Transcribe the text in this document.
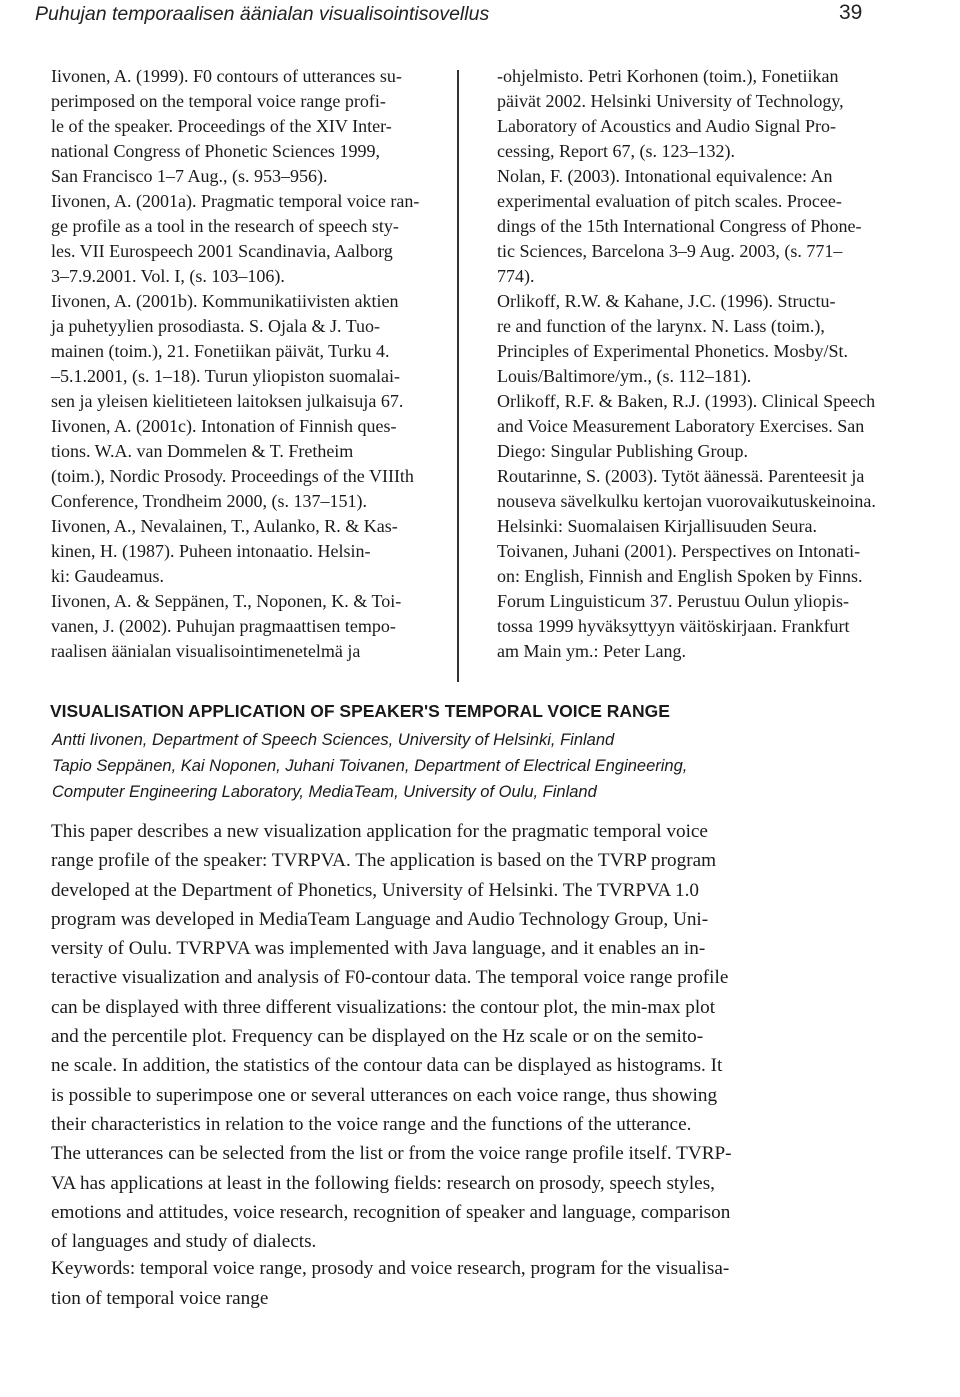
Puhujan temporaalisen äänialan visualisointisovellus	39
Iivonen, A. (1999). F0 contours of utterances su-
perimposed on the temporal voice range profi-
le of the speaker. Proceedings of the XIV Inter-
national Congress of Phonetic Sciences 1999,
San Francisco 1–7 Aug., (s. 953–956).
Iivonen, A. (2001a). Pragmatic temporal voice ran-
ge profile as a tool in the research of speech sty-
les. VII Eurospeech 2001 Scandinavia, Aalborg
3–7.9.2001. Vol. I, (s. 103–106).
Iivonen, A. (2001b). Kommunikatiivisten aktien
ja puhetyylien prosodiasta. S. Ojala & J. Tuo-
mainen (toim.), 21. Fonetiikan päivät, Turku 4.
–5.1.2001, (s. 1–18). Turun yliopiston suomalai-
sen ja yleisen kielitieteen laitoksen julkaisuja 67.
Iivonen, A. (2001c). Intonation of Finnish ques-
tions. W.A. van Dommelen & T. Fretheim
(toim.), Nordic Prosody. Proceedings of the VIIIth
Conference, Trondheim 2000, (s. 137–151).
Iivonen, A., Nevalainen, T., Aulanko, R. & Kas-
kinen, H. (1987). Puheen intonaatio. Helsin-
ki: Gaudeamus.
Iivonen, A. & Seppänen, T., Noponen, K. & Toi-
vanen, J. (2002). Puhujan pragmaattisen tempo-
raalisen äänialan visualisointimenetelmä ja
-ohjelmisto. Petri Korhonen (toim.), Fonetiikan
päivät 2002. Helsinki University of Technology,
Laboratory of Acoustics and Audio Signal Pro-
cessing, Report 67, (s. 123–132).
Nolan, F. (2003). Intonational equivalence: An
experimental evaluation of pitch scales. Procee-
dings of the 15th International Congress of Phone-
tic Sciences, Barcelona 3–9 Aug. 2003, (s. 771–
774).
Orlikoff, R.W. & Kahane, J.C. (1996). Structu-
re and function of the larynx. N. Lass (toim.),
Principles of Experimental Phonetics. Mosby/St.
Louis/Baltimore/ym., (s. 112–181).
Orlikoff, R.F. & Baken, R.J. (1993). Clinical Speech
and Voice Measurement Laboratory Exercises. San
Diego: Singular Publishing Group.
Routarinne, S. (2003). Tytöt äänessä. Parenteesit ja
nouseva sävelkulku kertojan vuorovaikutuskeinoina.
Helsinki: Suomalaisen Kirjallisuuden Seura.
Toivanen, Juhani (2001). Perspectives on Intonati-
on: English, Finnish and English Spoken by Finns.
Forum Linguisticum 37. Perustuu Oulun yliopis-
tossa 1999 hyväksyttyyn väitöskirjaan. Frankfurt
am Main ym.: Peter Lang.
VISUALISATION APPLICATION OF SPEAKER'S TEMPORAL VOICE RANGE
Antti Iivonen, Department of Speech Sciences, University of Helsinki, Finland
Tapio Seppänen, Kai Noponen, Juhani Toivanen, Department of Electrical Engineering,
Computer Engineering Laboratory, MediaTeam, University of Oulu, Finland
This paper describes a new visualization application for the pragmatic temporal voice
range profile of the speaker: TVRPVA. The application is based on the TVRP program
developed at the Department of Phonetics, University of Helsinki. The TVRPVA 1.0
program was developed in MediaTeam Language and Audio Technology Group, Uni-
versity of Oulu. TVRPVA was implemented with Java language, and it enables an in-
teractive visualization and analysis of F0-contour data. The temporal voice range profile
can be displayed with three different visualizations: the contour plot, the min-max plot
and the percentile plot. Frequency can be displayed on the Hz scale or on the semito-
ne scale. In addition, the statistics of the contour data can be displayed as histograms. It
is possible to superimpose one or several utterances on each voice range, thus showing
their characteristics in relation to the voice range and the functions of the utterance.
The utterances can be selected from the list or from the voice range profile itself. TVRP-
VA has applications at least in the following fields: research on prosody, speech styles,
emotions and attitudes, voice research, recognition of speaker and language, comparison
of languages and study of dialects.
Keywords: temporal voice range, prosody and voice research, program for the visualisa-
tion of temporal voice range
